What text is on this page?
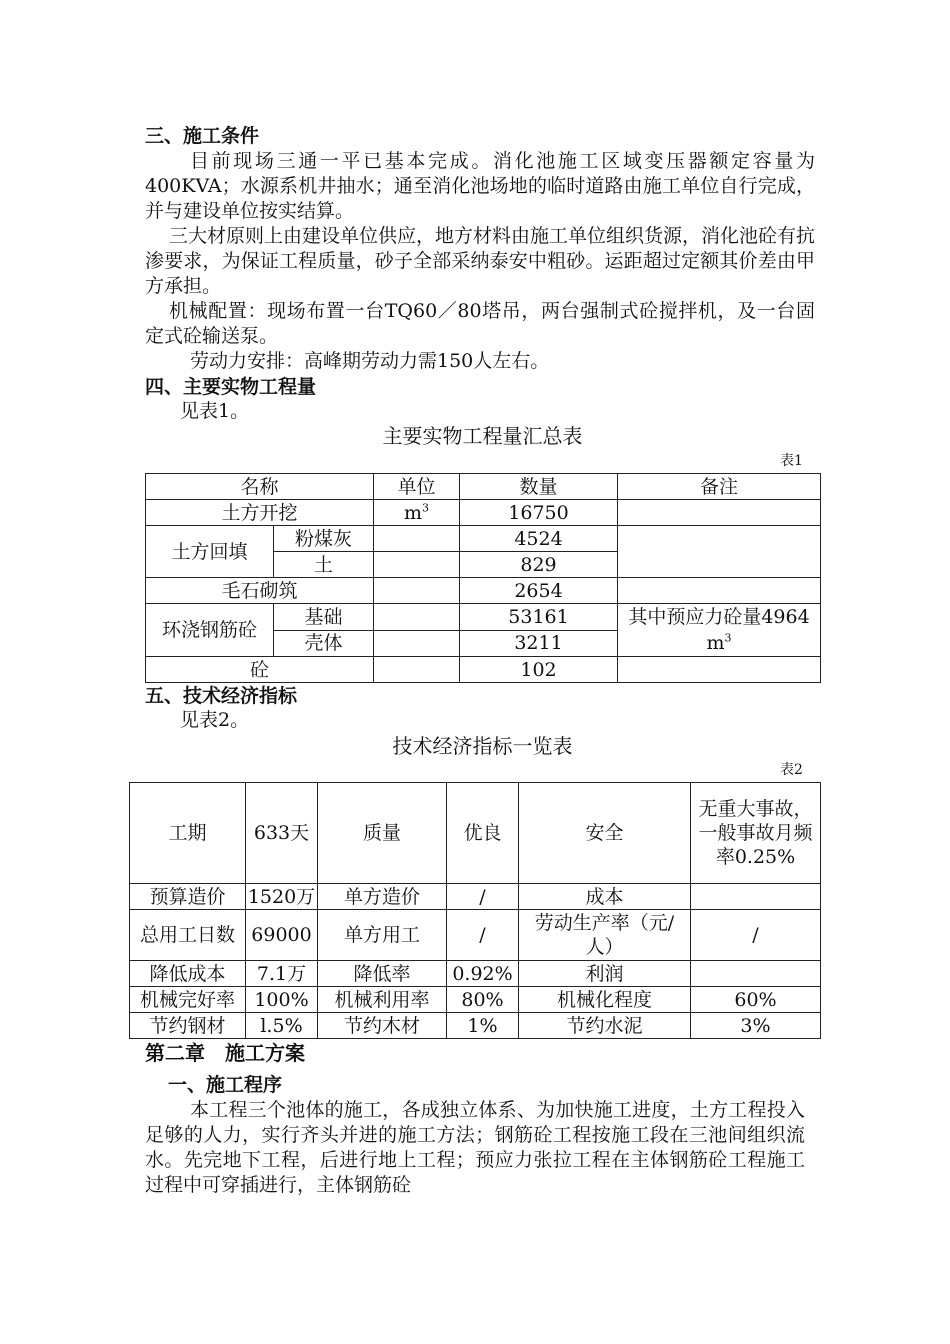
三、施工条件
目前现场三通一平已基本完成。消化池施工区域变压器额定容量为400KVA；水源系机井抽水；通至消化池场地的临时道路由施工单位自行完成，并与建设单位按实结算。
三大材原则上由建设单位供应，地方材料由施工单位组织货源，消化池砼有抗渗要求，为保证工程质量，砂子全部采纳泰安中粗砂。运距超过定额其价差由甲方承担。
机械配置：现场布置一台TQ60／80塔吊，两台强制式砼搅拌机，及一台固定式砼输送泵。
劳动力安排：高峰期劳动力需150人左右。
四、主要实物工程量
见表1。
主要实物工程量汇总表
表1
名称		单位	数量	备注
土方开挖		$m^3$	16750	
土方回填	粉煤灰		4524	
	土		829	
毛石砌筑			2654	
环浇钢筋砼	基础		53161	其中预应力砼量4964
$m^3$
	壳体		3211	
砼			102	
五、技术经济指标
见表2。
技术经济指标一览表
表2
工期	633天	质量	优良	安全	无重大事故，一般事故月频率0.25%
预算造价	1520万	单方造价	/	成本	
总用工日数	69000	单方用工	/	劳动生产率（元/人）	/
降低成本	7.1万	降低率	0.92%	利润	
机械完好率	100%	机械利用率	80%	机械化程度	60%
节约钢材	l.5%	节约木材	1%	节约水泥	3%
第二章　施工方案
一、施工程序
本工程三个池体的施工，各成独立体系、为加快施工进度，土方工程投入足够的人力，实行齐头并进的施工方法；钢筋砼工程按施工段在三池间组织流水。先完地下工程，后进行地上工程；预应力张拉工程在主体钢筋砼工程施工过程中可穿插进行，主体钢筋砼
